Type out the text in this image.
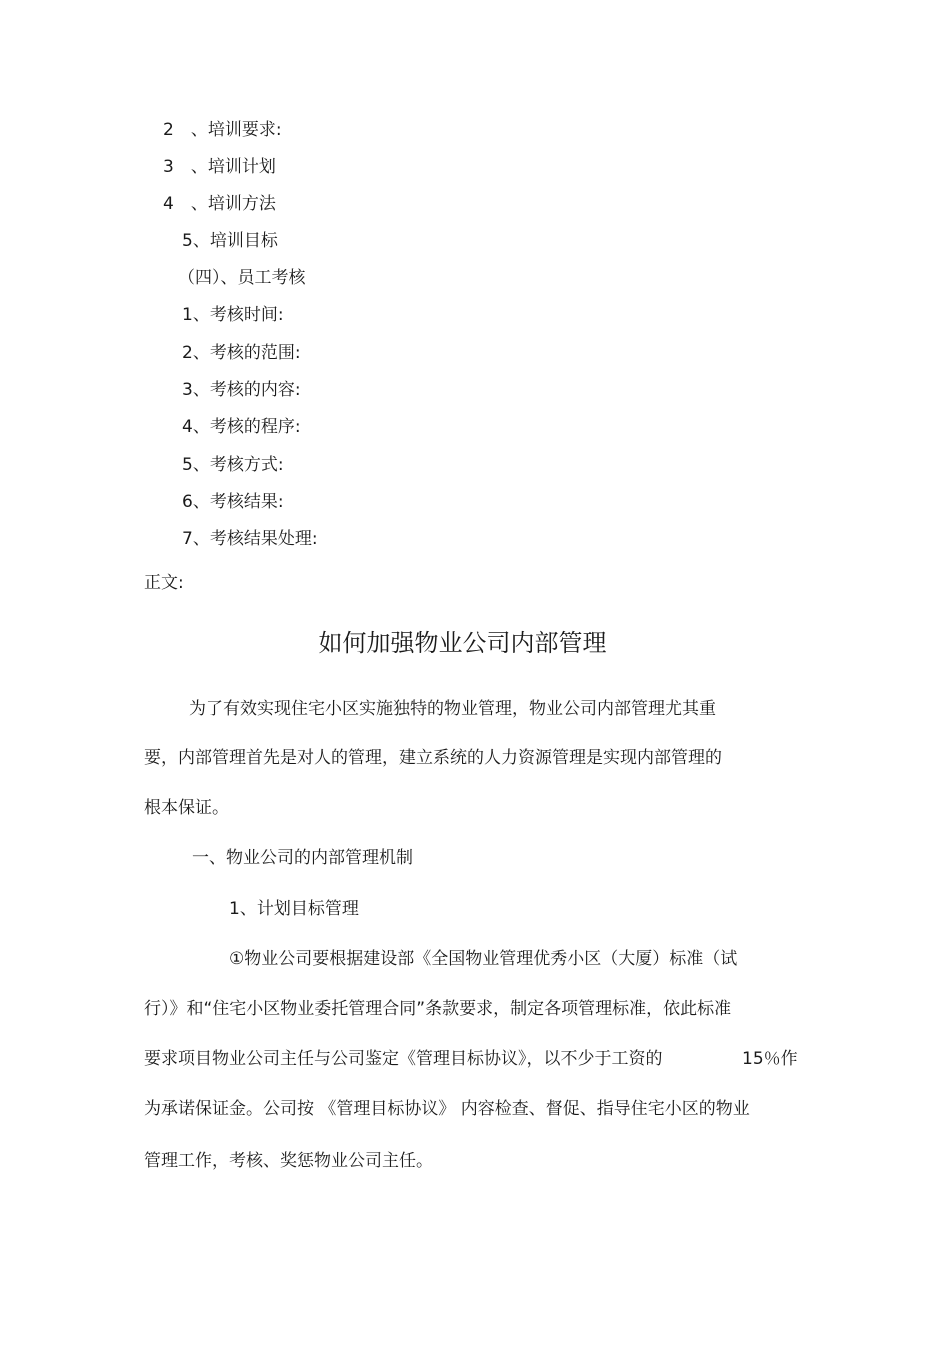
2　、培训要求:
3　、培训计划
4　、培训方法
5、培训目标
（四）、员工考核
1、考核时间:
2、考核的范围:
3、考核的内容:
4、考核的程序:
5、考核方式:
6、考核结果:
7、考核结果处理:
正文:
如何加强物业公司内部管理
为了有效实现住宅小区实施独特的物业管理，物业公司内部管理尤其重
要，内部管理首先是对人的管理，建立系统的人力资源管理是实现内部管理的
根本保证。
一、物业公司的内部管理机制
1、计划目标管理
①物业公司要根据建设部《全国物业管理优秀小区（大厦）标准（试
行）》和“住宅小区物业委托管理合同”条款要求，制定各项管理标准，依此标准
要求项目物业公司主任与公司鉴定《管理目标协议》，以不少于工资的	15％作
为承诺保证金。公司按 《管理目标协议》 内容检查、督促、指导住宅小区的物业
管理工作，考核、奖惩物业公司主任。
